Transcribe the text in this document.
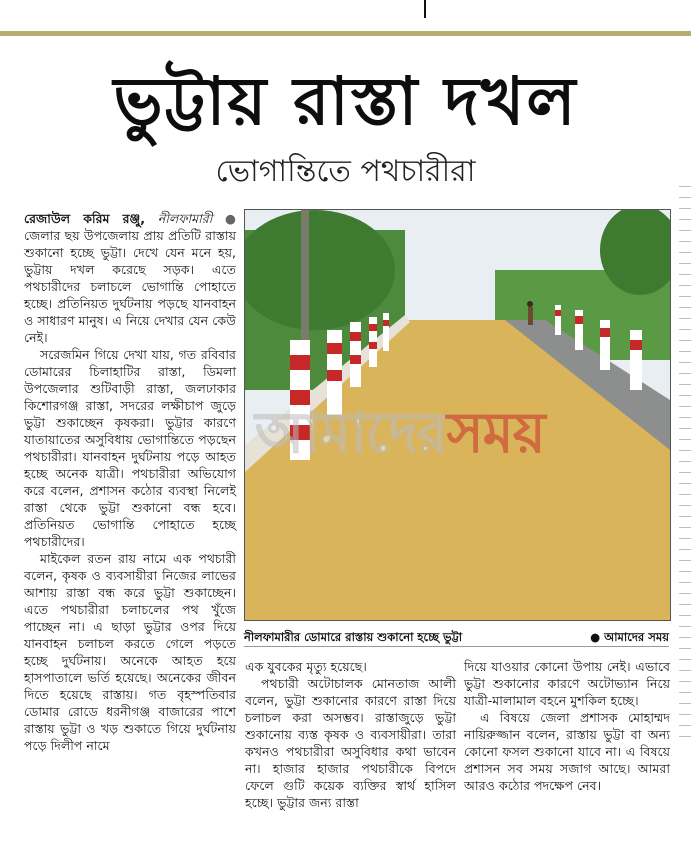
ভুট্টায় রাস্তা দখল
ভোগান্তিতে পথচারীরা

রেজাউল করিম রঞ্জু, নীলফামারী ● জেলার ছয় উপজেলায় প্রায় প্রতিটি রাস্তায় শুকানো হচ্ছে ভুট্টা। দেখে যেন মনে হয়, ভুট্টায় দখল করেছে সড়ক। এতে পথচারীদের চলাচলে ভোগান্তি পোহাতে হচ্ছে। প্রতিনিয়ত দুর্ঘটনায় পড়ছে যানবাহন ও সাধারণ মানুষ। এ নিয়ে দেখার যেন কেউ নেই।

সরেজমিন গিয়ে দেখা যায়, গত রবিবার ডোমারের চিলাহাটির রাস্তা, ডিমলা উপজেলার শুটিবাড়ী রাস্তা, জলঢাকার কিশোরগঞ্জ রাস্তা, সদরের লক্ষীচাপ জুড়ে ভুট্টা শুকাচ্ছেন কৃষকরা। ভুট্টার কারণে যাতায়াতের অসুবিধায় ভোগান্তিতে পড়ছেন পথচারীরা। যানবাহন দুর্ঘটনায় পড়ে আহত হচ্ছে অনেক যাত্রী। পথচারীরা অভিযোগ করে বলেন, প্রশাসন কঠোর ব্যবস্থা নিলেই রাস্তা থেকে ভুট্টা শুকানো বন্ধ হবে। প্রতিনিয়ত ভোগান্তি পোহাতে হচ্ছে পথচারীদের।

মাইকেল রতন রায় নামে এক পথচারী বলেন, কৃষক ও ব্যবসায়ীরা নিজের লাভের আশায় রাস্তা বন্ধ করে ভুট্টা শুকাচ্ছেন। এতে পথচারীরা চলাচলের পথ খুঁজে পাচ্ছেন না। এ ছাড়া ভুট্টার ওপর দিয়ে যানবাহন চলাচল করতে গেলে পড়তে হচ্ছে দুর্ঘটনায়। অনেকে আহত হয়ে হাসপাতালে ভর্তি হয়েছে। অনেকের জীবন দিতে হয়েছে রাস্তায়। গত বৃহস্পতিবার ডোমার রোডে ধরনীগঞ্জ বাজারের পাশে রাস্তায় ভুট্টা ও খড় শুকাতে গিয়ে দুর্ঘটনায় পড়ে দিলীপ নামে

আমাদেরসময়
নীলফামারীর ডোমারে রাস্তায় শুকানো হচ্ছে ভুট্টা	● আমাদের সময়

এক যুবকের মৃত্যু হয়েছে।

পথচারী অটোচালক মোনতাজ আলী বলেন, ভুট্টা শুকানোর কারণে রাস্তা দিয়ে চলাচল করা অসম্ভব। রাস্তাজুড়ে ভুট্টা শুকানোয় ব্যস্ত কৃষক ও ব্যবসায়ীরা। তারা কখনও পথচারীরা অসুবিধার কথা ভাবেন না। হাজার হাজার পথচারীকে বিপদে ফেলে গুটি কয়েক ব্যক্তির স্বার্থ হাসিল হচ্ছে। ভুট্টার জন্য রাস্তা

দিয়ে যাওয়ার কোনো উপায় নেই। এভাবে ভুট্টা শুকানোর কারণে অটোভ্যান নিয়ে যাত্রী-মালামাল বহনে মুশকিল হচ্ছে।

এ বিষয়ে জেলা প্রশাসক মোহাম্মদ নায়িরুজ্জান বলেন, রাস্তায় ভুট্টা বা অন্য কোনো ফসল শুকানো যাবে না। এ বিষয়ে প্রশাসন সব সময় সজাগ আছে। আমরা আরও কঠোর পদক্ষেপ নেব।
